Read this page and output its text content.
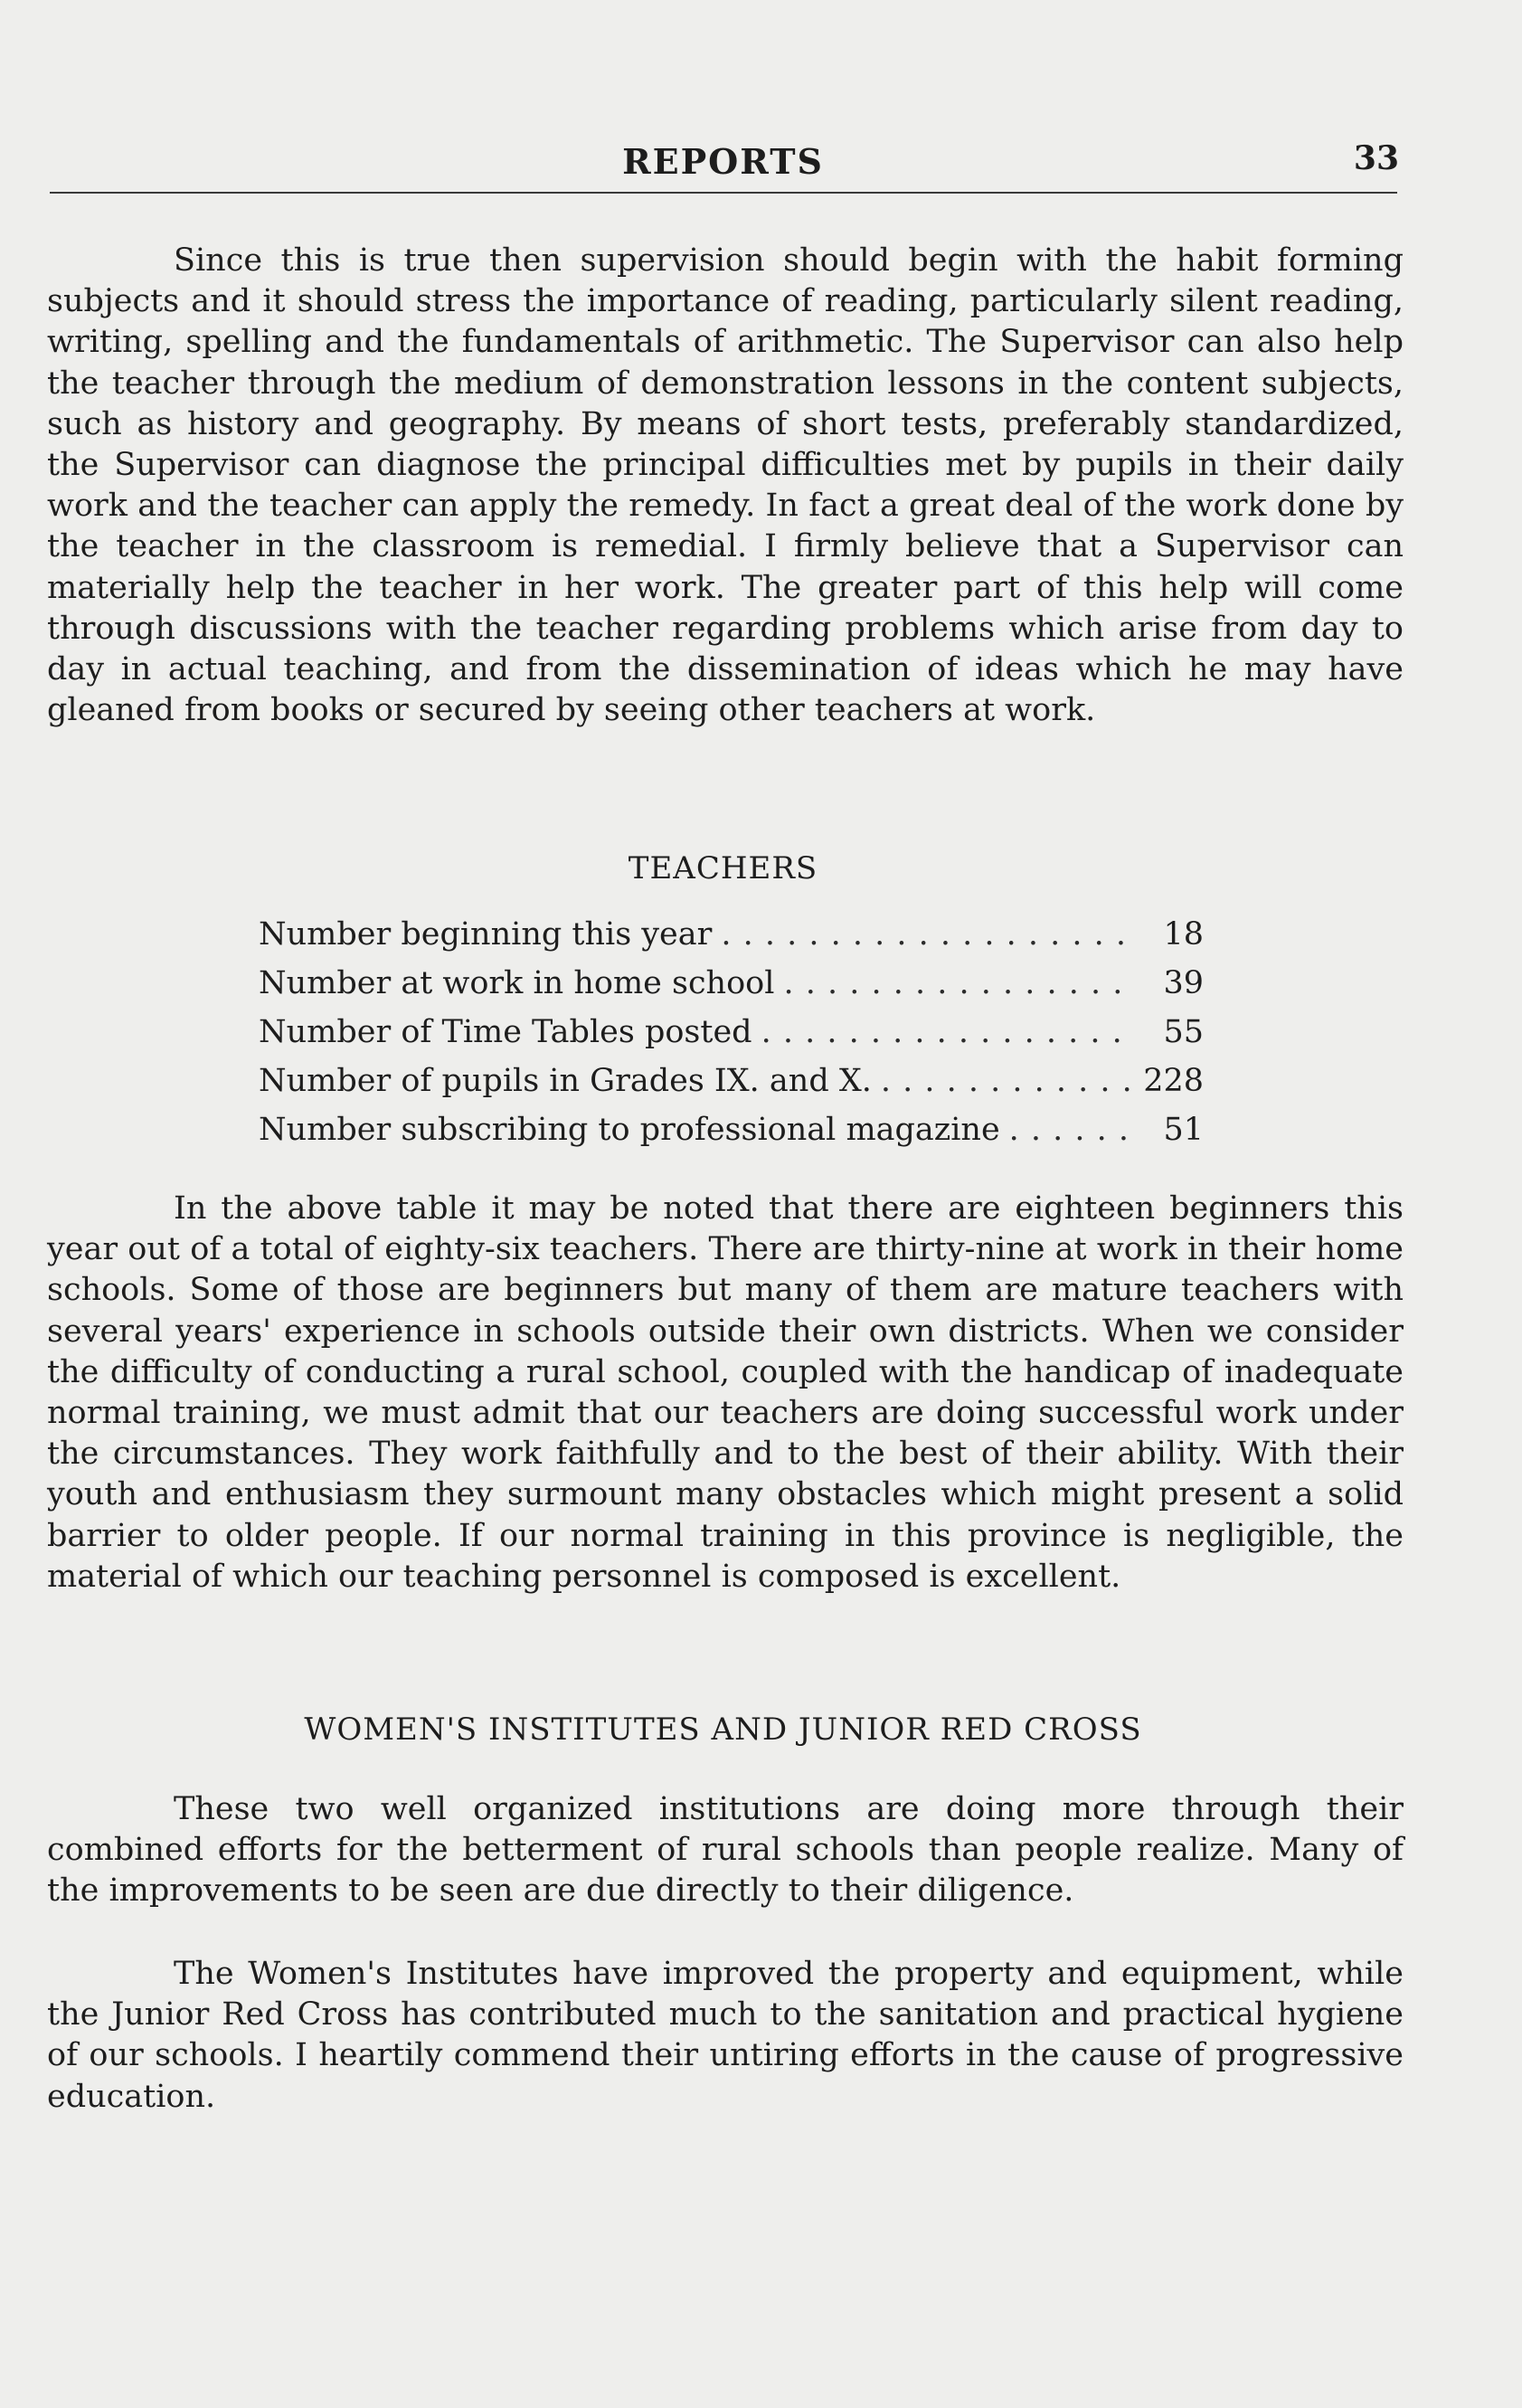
REPORTS	33
Since this is true then supervision should begin with the habit forming subjects and it should stress the importance of reading, particularly silent reading, writing, spelling and the fundamentals of arithmetic. The Supervisor can also help the teacher through the medium of demonstration lessons in the content subjects, such as history and geography. By means of short tests, preferably standardized, the Supervisor can diagnose the principal difficulties met by pupils in their daily work and the teacher can apply the remedy. In fact a great deal of the work done by the teacher in the classroom is remedial. I firmly believe that a Supervisor can materially help the teacher in her work. The greater part of this help will come through discussions with the teacher regarding problems which arise from day to day in actual teaching, and from the dissemination of ideas which he may have gleaned from books or secured by seeing other teachers at work.
TEACHERS
Number beginning this year . . .	18
Number at work in home school . . .	39
Number of Time Tables posted . . .	55
Number of pupils in Grades IX. and X. . . .	228
Number subscribing to professional magazine . . .	51
In the above table it may be noted that there are eighteen beginners this year out of a total of eighty-six teachers. There are thirty-nine at work in their home schools. Some of those are beginners but many of them are mature teachers with several years' experience in schools outside their own districts. When we consider the difficulty of conducting a rural school, coupled with the handicap of inadequate normal training, we must admit that our teachers are doing successful work under the circumstances. They work faithfully and to the best of their ability. With their youth and enthusiasm they surmount many obstacles which might present a solid barrier to older people. If our normal training in this province is negligible, the material of which our teaching personnel is composed is excellent.
WOMEN'S INSTITUTES AND JUNIOR RED CROSS
These two well organized institutions are doing more through their combined efforts for the betterment of rural schools than people realize. Many of the improvements to be seen are due directly to their diligence.
The Women's Institutes have improved the property and equipment, while the Junior Red Cross has contributed much to the sanitation and practical hygiene of our schools. I heartily commend their untiring efforts in the cause of progressive education.
